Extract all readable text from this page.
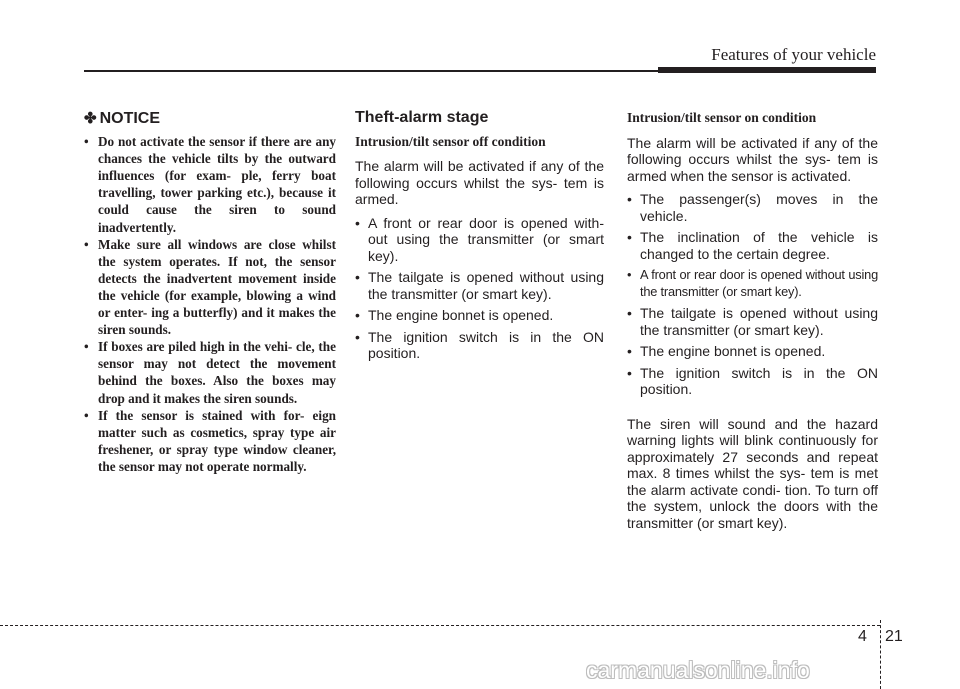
Features of your vehicle
✤ NOTICE
• Do not activate the sensor if there are any chances the vehicle tilts by the outward influences (for exam- ple, ferry boat travelling, tower parking etc.), because it could cause the siren to sound inadvertently.
• Make sure all windows are close whilst the system operates. If not, the sensor detects the inadvertent movement inside the vehicle (for example, blowing a wind or enter- ing a butterfly) and it makes the siren sounds.
• If boxes are piled high in the vehi- cle, the sensor may not detect the movement behind the boxes. Also the boxes may drop and it makes the siren sounds.
• If the sensor is stained with for- eign matter such as cosmetics, spray type air freshener, or spray type window cleaner, the sensor may not operate normally.
Theft-alarm stage
Intrusion/tilt sensor off condition

The alarm will be activated if any of the following occurs whilst the sys- tem is armed.

• A front or rear door is opened with- out using the transmitter (or smart key).
• The tailgate is opened without using the transmitter (or smart key).
• The engine bonnet is opened.
• The ignition switch is in the ON position.
Intrusion/tilt sensor on condition

The alarm will be activated if any of the following occurs whilst the sys- tem is armed when the sensor is activated.

• The passenger(s) moves in the vehicle.
• The inclination of the vehicle is changed to the certain degree.
• A front or rear door is opened without using the transmitter (or smart key).
• The tailgate is opened without using the transmitter (or smart key).
• The engine bonnet is opened.
• The ignition switch is in the ON position.

The siren will sound and the hazard warning lights will blink continuously for approximately 27 seconds and repeat max. 8 times whilst the sys- tem is met the alarm activate condi- tion. To turn off the system, unlock the doors with the transmitter (or smart key).

4 21
carmanualsonline.info
